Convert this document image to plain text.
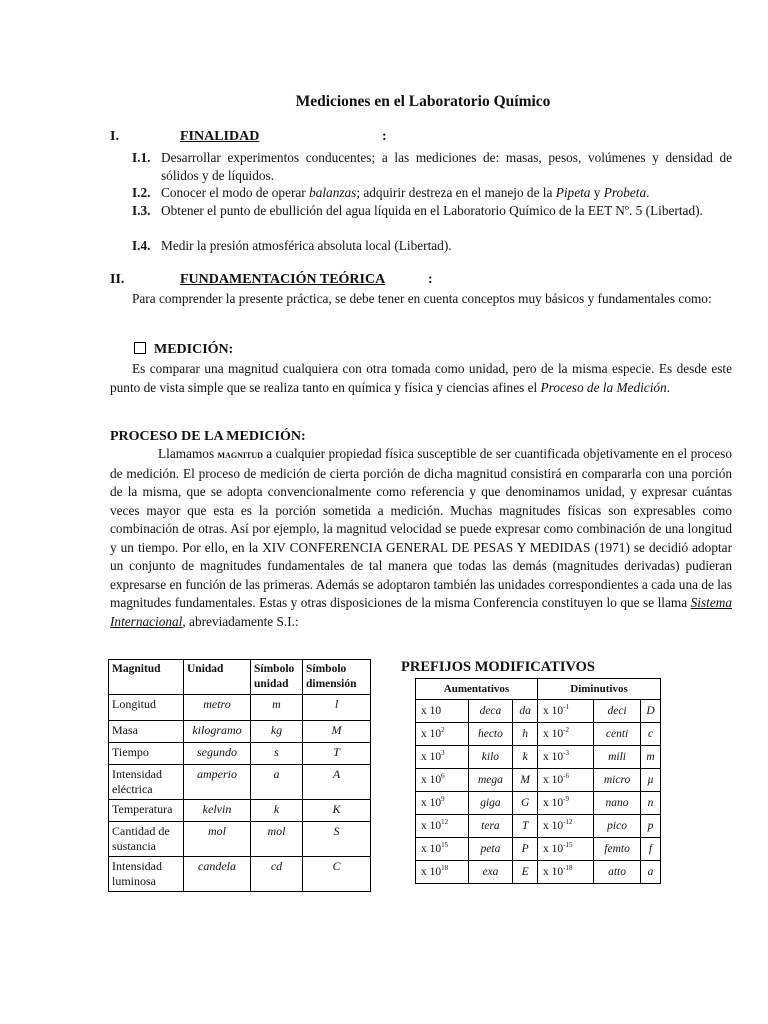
Mediciones en el Laboratorio Químico
I.	FINALIDAD	:
I.1. Desarrollar experimentos conducentes; a las mediciones de: masas, pesos, volúmenes y densidad de sólidos y de líquidos.
I.2. Conocer el modo de operar balanzas; adquirir destreza en el manejo de la Pipeta y Probeta.
I.3. Obtener el punto de ebullición del agua líquida en el Laboratorio Químico de la EET Nº. 5 (Libertad).
I.4. Medir la presión atmosférica absoluta local (Libertad).
II.	FUNDAMENTACIÓN TEÓRICA	:
Para comprender la presente práctica, se debe tener en cuenta conceptos muy básicos y fundamentales como:
MEDICIÓN:
Es comparar una magnitud cualquiera con otra tomada como unidad, pero de la misma especie. Es desde este punto de vista simple que se realiza tanto en química y física y ciencias afines el Proceso de la Medición.
PROCESO DE LA MEDICIÓN:
Llamamos magnitud a cualquier propiedad física susceptible de ser cuantificada objetivamente en el proceso de medición. El proceso de medición de cierta porción de dicha magnitud consistirá en compararla con una porción de la misma, que se adopta convencionalmente como referencia y que denominamos unidad, y expresar cuántas veces mayor que esta es la porción sometida a medición. Muchas magnitudes físicas son expresables como combinación de otras. Así por ejemplo, la magnitud velocidad se puede expresar como combinación de una longitud y un tiempo. Por ello, en la XIV CONFERENCIA GENERAL DE PESAS Y MEDIDAS (1971) se decidió adoptar un conjunto de magnitudes fundamentales de tal manera que todas las demás (magnitudes derivadas) pudieran expresarse en función de las primeras. Además se adoptaron también las unidades correspondientes a cada una de las magnitudes fundamentales. Estas y otras disposiciones de la misma Conferencia constituyen lo que se llama Sistema Internacional, abreviadamente S.I.:
Magnitud	Unidad	Símbolo unidad	Símbolo dimensión
Longitud	metro	m	l
Masa	kilogramo	kg	M
Tiempo	segundo	s	T
Intensidad eléctrica	amperio	a	A
Temperatura	kelvin	k	K
Cantidad de sustancia	mol	mol	S
Intensidad luminosa	candela	cd	C
PREFIJOS MODIFICATIVOS
Aumentativos			Diminutivos		
x 10	deca	da	x $10^{-1}$	deci	D
x $10^2$	hecto	h	x $10^{-2}$	centi	c
x $10^3$	kilo	k	x $10^{-3}$	mili	m
x $10^6$	mega	M	x $10^{-6}$	micro	µ
x $10^9$	giga	G	x $10^{-9}$	nano	n
x $10^{12}$	tera	T	x $10^{-12}$	pico	p
x $10^{15}$	peta	P	x $10^{-15}$	femto	f
x $10^{18}$	exa	E	x $10^{-18}$	atto	a
